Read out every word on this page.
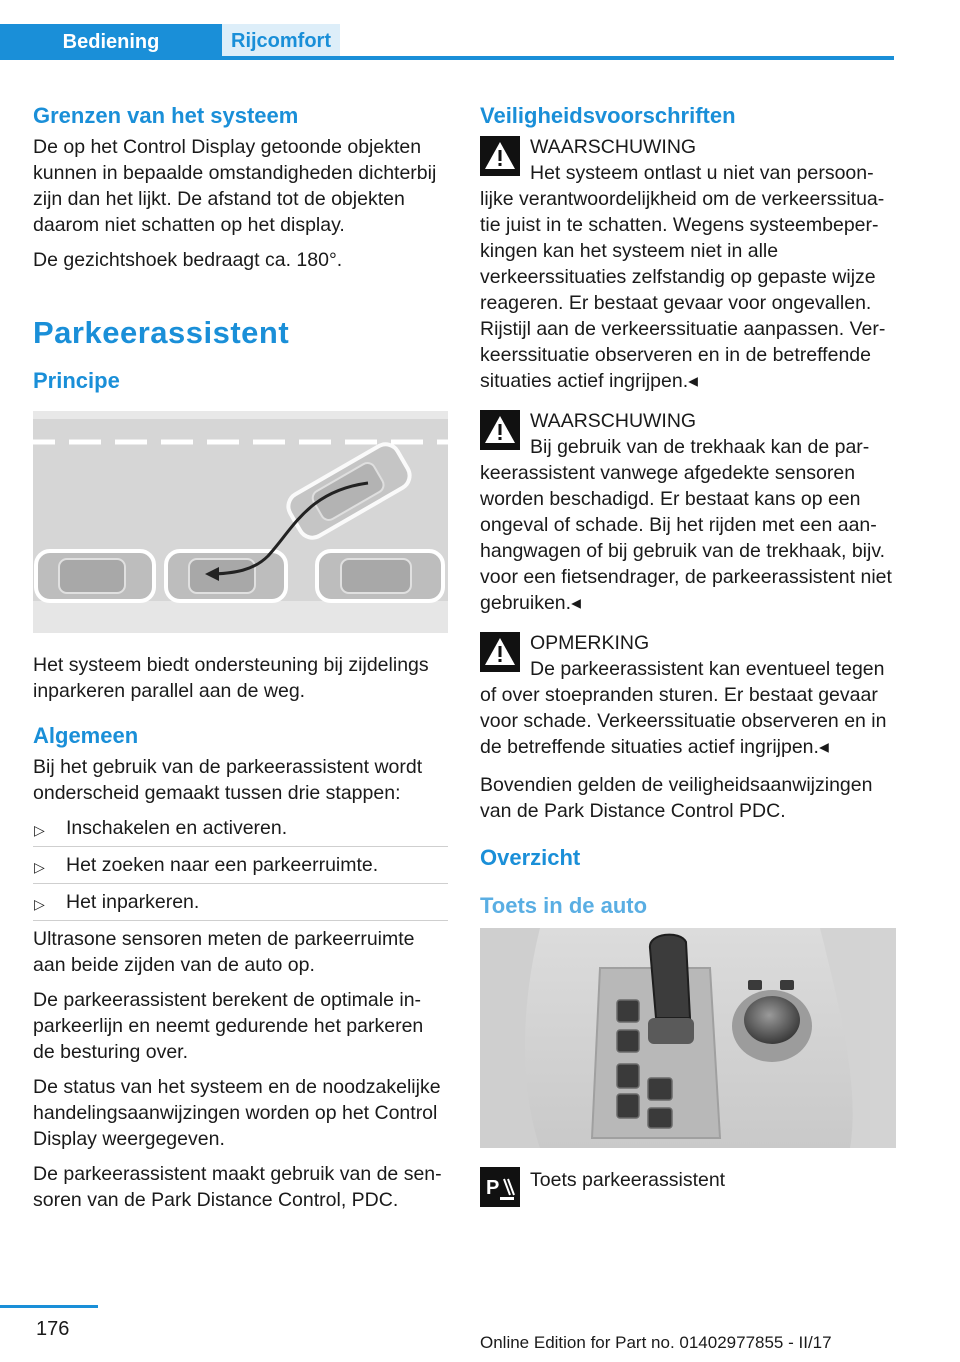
Bediening	Rijcomfort
Grenzen van het systeem

De op het Control Display getoonde objekten kunnen in bepaalde omstandigheden dichterbij zijn dan het lijkt. De afstand tot de objekten daarom niet schatten op het display.

De gezichtshoek bedraagt ca. 180°.

Parkeerassistent
Principe

Het systeem biedt ondersteuning bij zijdelings inparkeren parallel aan de weg.

Algemeen

Bij het gebruik van de parkeerassistent wordt onderscheid gemaakt tussen drie stappen:

▷ Inschakelen en activeren.
▷ Het zoeken naar een parkeerruimte.
▷ Het inparkeren.

Ultrasone sensoren meten de parkeerruimte aan beide zijden van de auto op.

De parkeerassistent berekent de optimale in-parkeerlijn en neemt gedurende het parkeren de besturing over.

De status van het systeem en de noodzakelijke handelingsaanwijzingen worden op het Control Display weergegeven.

De parkeerassistent maakt gebruik van de sen-soren van de Park Distance Control, PDC.

Veiligheidsvoorschriften
WAARSCHUWING
Het systeem ontlast u niet van persoon-
lijke verantwoordelijkheid om de verkeerssitua-tie juist in te schatten. Wegens systeembeper-kingen kan het systeem niet in alle verkeerssituaties zelfstandig op gepaste wijze reageren. Er bestaat gevaar voor ongevallen. Rijstijl aan de verkeerssituatie aanpassen. Ver-keerssituatie observeren en in de betreffende situaties actief ingrijpen.◂
WAARSCHUWING
Bij gebruik van de trekhaak kan de par-
keerassistent vanwege afgedekte sensoren worden beschadigd. Er bestaat kans op een ongeval of schade. Bij het rijden met een aan-hangwagen of bij gebruik van de trekhaak, bijv. voor een fietsendrager, de parkeerassistent niet gebruiken.◂
OPMERKING
De parkeerassistent kan eventueel tegen
of over stoepranden sturen. Er bestaat gevaar voor schade. Verkeerssituatie observeren en in de betreffende situaties actief ingrijpen.◂

Bovendien gelden de veiligheidsaanwijzingen van de Park Distance Control PDC.

Overzicht
Toets in de auto
P Toets parkeerassistent
176
Online Edition for Part no. 01402977855 - II/17
